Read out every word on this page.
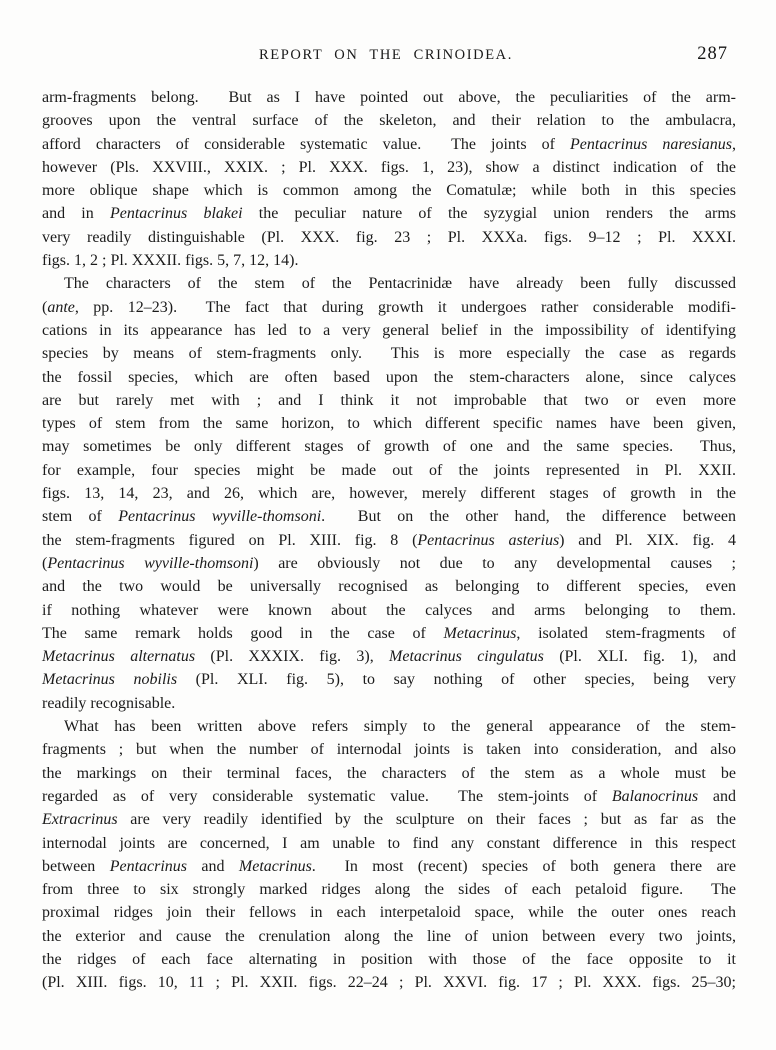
REPORT ON THE CRINOIDEA.	287
arm-fragments belong.  But as I have pointed out above, the peculiarities of the arm-
grooves upon the ventral surface of the skeleton, and their relation to the ambulacra,
afford characters of considerable systematic value.  The joints of Pentacrinus naresianus,
however (Pls. XXVIII., XXIX. ; Pl. XXX. figs. 1, 23), show a distinct indication of the
more oblique shape which is common among the Comatulæ; while both in this species
and in Pentacrinus blakei the peculiar nature of the syzygial union renders the arms
very readily distinguishable (Pl. XXX. fig. 23 ; Pl. XXXa. figs. 9–12 ; Pl. XXXI.
figs. 1, 2 ; Pl. XXXII. figs. 5, 7, 12, 14).
The characters of the stem of the Pentacrinidæ have already been fully discussed
(ante, pp. 12–23).  The fact that during growth it undergoes rather considerable modifi-
cations in its appearance has led to a very general belief in the impossibility of identifying
species by means of stem-fragments only.  This is more especially the case as regards
the fossil species, which are often based upon the stem-characters alone, since calyces
are but rarely met with ; and I think it not improbable that two or even more
types of stem from the same horizon, to which different specific names have been given,
may sometimes be only different stages of growth of one and the same species.  Thus,
for example, four species might be made out of the joints represented in Pl. XXII.
figs. 13, 14, 23, and 26, which are, however, merely different stages of growth in the
stem of Pentacrinus wyville-thomsoni.  But on the other hand, the difference between
the stem-fragments figured on Pl. XIII. fig. 8 (Pentacrinus asterius) and Pl. XIX. fig. 4
(Pentacrinus wyville-thomsoni) are obviously not due to any developmental causes ;
and the two would be universally recognised as belonging to different species, even
if nothing whatever were known about the calyces and arms belonging to them.
The same remark holds good in the case of Metacrinus, isolated stem-fragments of
Metacrinus alternatus (Pl. XXXIX. fig. 3), Metacrinus cingulatus (Pl. XLI. fig. 1), and
Metacrinus nobilis (Pl. XLI. fig. 5), to say nothing of other species, being very
readily recognisable.
What has been written above refers simply to the general appearance of the stem-
fragments ; but when the number of internodal joints is taken into consideration, and also
the markings on their terminal faces, the characters of the stem as a whole must be
regarded as of very considerable systematic value.  The stem-joints of Balanocrinus and
Extracrinus are very readily identified by the sculpture on their faces ; but as far as the
internodal joints are concerned, I am unable to find any constant difference in this respect
between Pentacrinus and Metacrinus.  In most (recent) species of both genera there are
from three to six strongly marked ridges along the sides of each petaloid figure.  The
proximal ridges join their fellows in each interpetaloid space, while the outer ones reach
the exterior and cause the crenulation along the line of union between every two joints,
the ridges of each face alternating in position with those of the face opposite to it
(Pl. XIII. figs. 10, 11 ; Pl. XXII. figs. 22–24 ; Pl. XXVI. fig. 17 ; Pl. XXX. figs. 25–30;
